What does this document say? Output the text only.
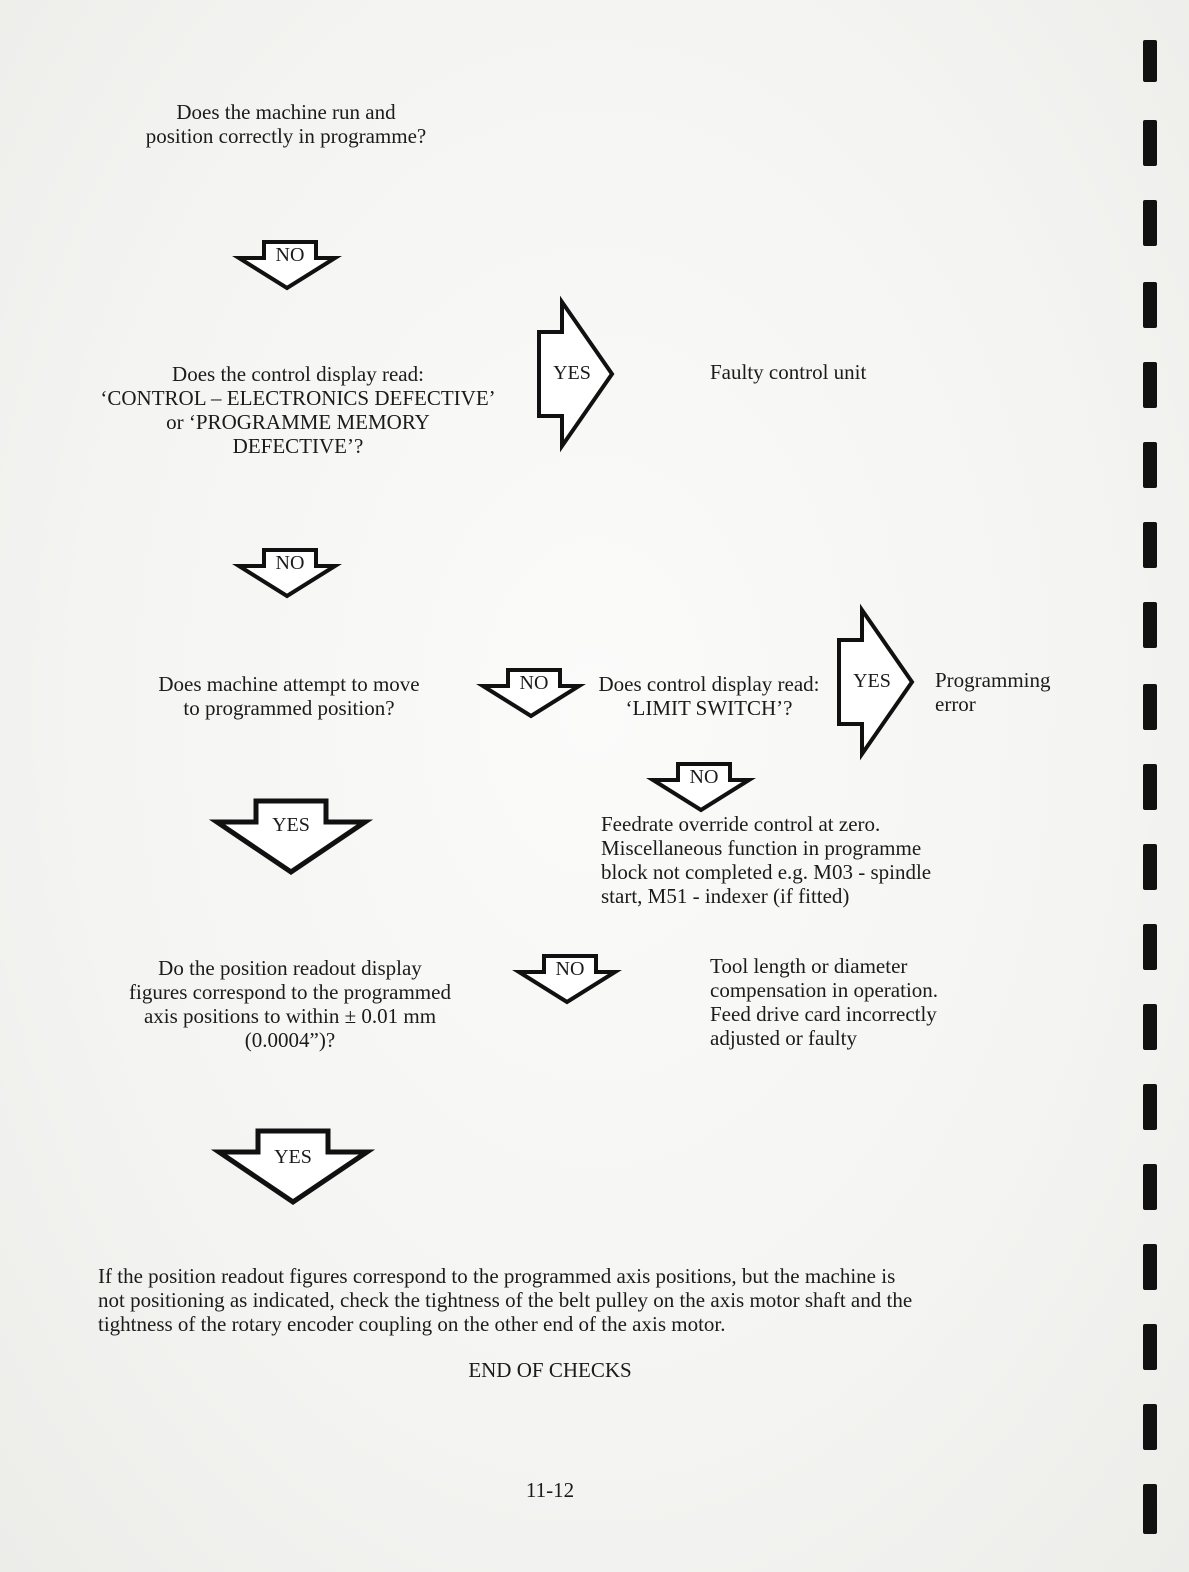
Does the machine run and
position correctly in programme?
NO
Does the control display read:
‘CONTROL – ELECTRONICS DEFECTIVE’
or ‘PROGRAMME MEMORY
DEFECTIVE’?
YES	Faulty control unit
NO
Does machine attempt to move
to programmed position?
NO	Does control display read:
‘LIMIT SWITCH’?
YES	Programming
error
NO
Feedrate override control at zero.
Miscellaneous function in programme
block not completed e.g. M03 - spindle
start, M51 - indexer (if fitted)
YES
Do the position readout display
figures correspond to the programmed
axis positions to within ± 0.01 mm
(0.0004”)?
NO	Tool length or diameter
compensation in operation.
Feed drive card incorrectly
adjusted or faulty
YES
If the position readout figures correspond to the programmed axis positions, but the machine is
not positioning as indicated, check the tightness of the belt pulley on the axis motor shaft and the
tightness of the rotary encoder coupling on the other end of the axis motor.
END OF CHECKS
11-12
